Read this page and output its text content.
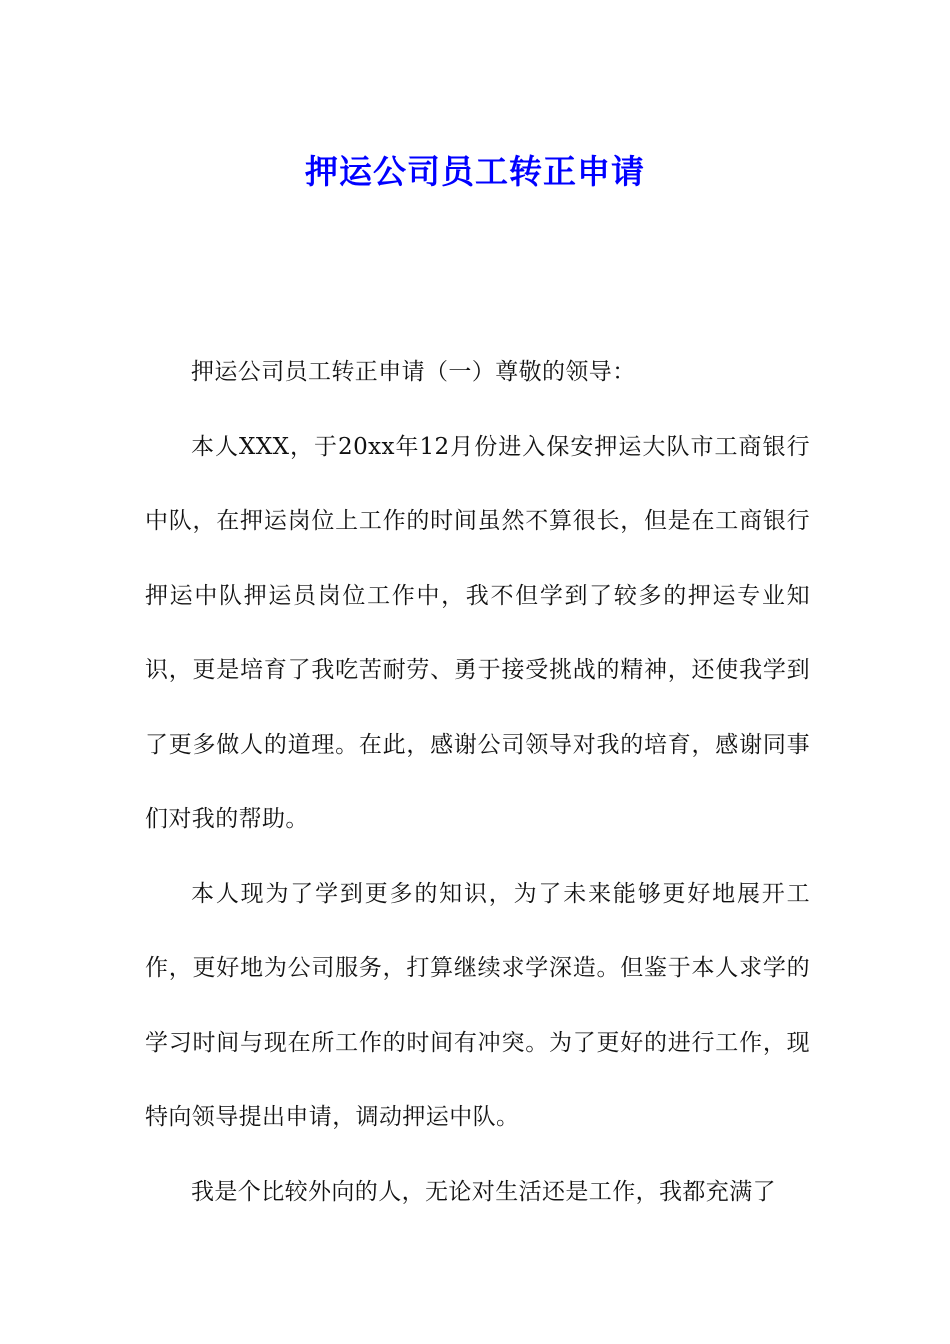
押运公司员工转正申请

押运公司员工转正申请（一）尊敬的领导：

本人XXX，于20xx年12月份进入保安押运大队市工商银行中队，在押运岗位上工作的时间虽然不算很长，但是在工商银行押运中队押运员岗位工作中，我不但学到了较多的押运专业知识，更是培育了我吃苦耐劳、勇于接受挑战的精神，还使我学到了更多做人的道理。在此，感谢公司领导对我的培育，感谢同事们对我的帮助。

本人现为了学到更多的知识，为了未来能够更好地展开工作，更好地为公司服务，打算继续求学深造。但鉴于本人求学的学习时间与现在所工作的时间有冲突。为了更好的进行工作，现特向领导提出申请，调动押运中队。

我是个比较外向的人，无论对生活还是工作，我都充满了
